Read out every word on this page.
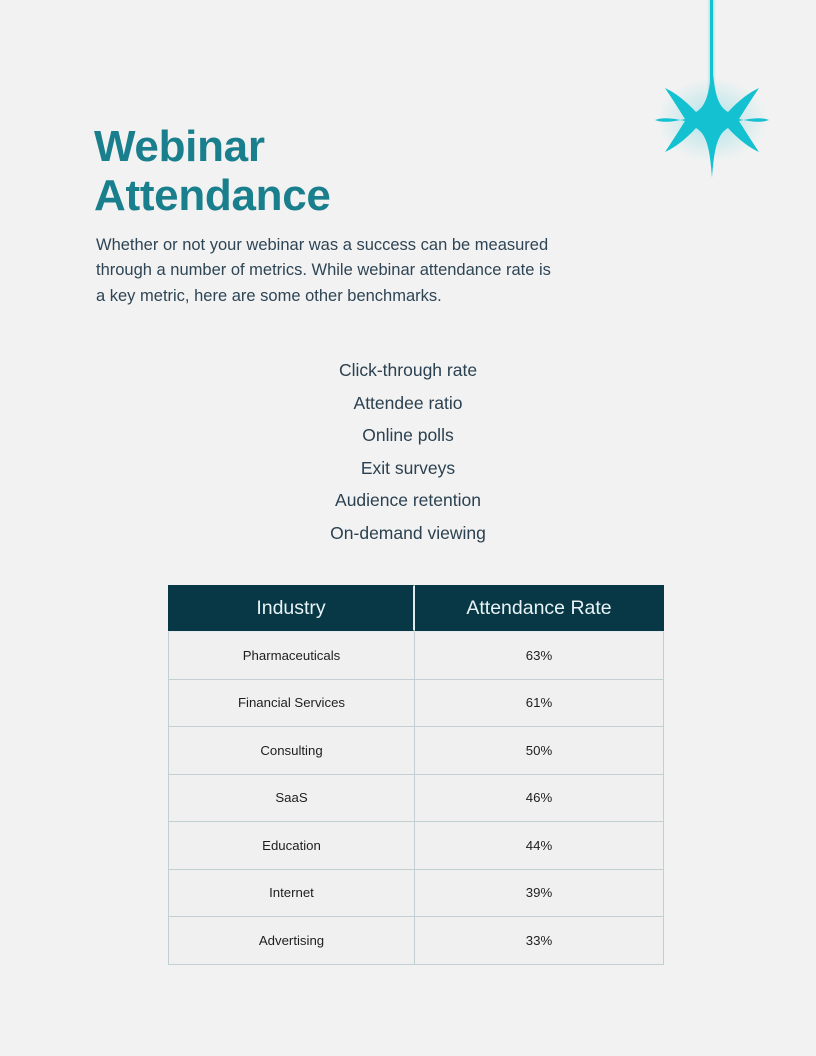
Webinar
Attendance

Whether or not your webinar was a success can be measured through a number of metrics. While webinar attendance rate is a key metric, here are some other benchmarks.

Click-through rate
Attendee ratio
Online polls
Exit surveys
Audience retention
On-demand viewing
Industry	Attendance Rate
Pharmaceuticals	63%
Financial Services	61%
Consulting	50%
SaaS	46%
Education	44%
Internet	39%
Advertising	33%
